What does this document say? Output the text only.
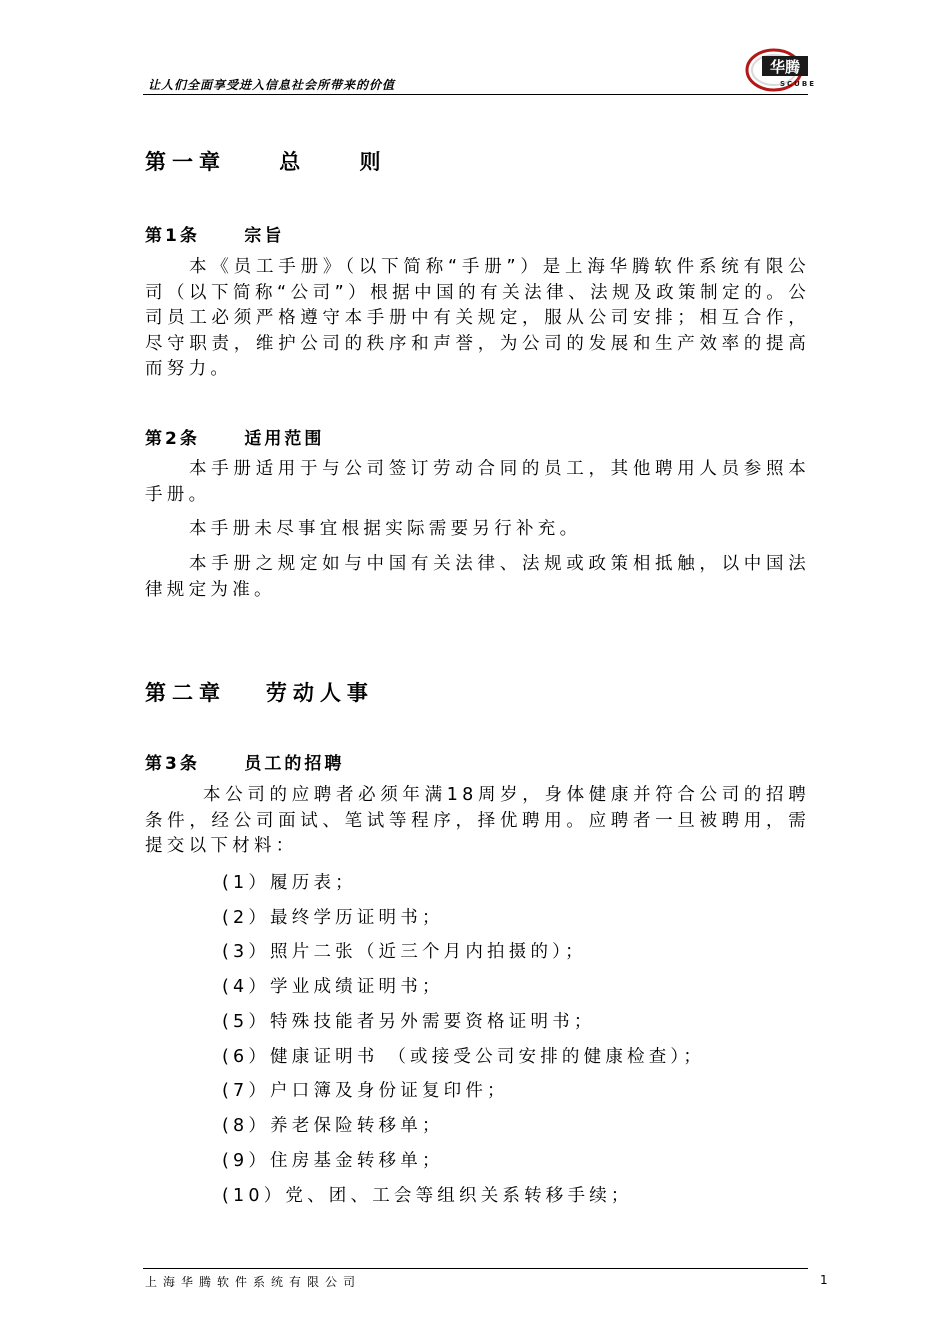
让人们全面享受进入信息社会所带来的价值
华腾
SCUBE
第一章    总    则
第1条     宗旨

本《员工手册》（以下简称“手册”）是上海华腾软件系统有限公司（以下简称“公司”）根据中国的有关法律、法规及政策制定的。公司员工必须严格遵守本手册中有关规定，服从公司安排；相互合作，尽守职责，维护公司的秩序和声誉，为公司的发展和生产效率的提高而努力。

第2条     适用范围

本手册适用于与公司签订劳动合同的员工，其他聘用人员参照本手册。

本手册未尽事宜根据实际需要另行补充。

本手册之规定如与中国有关法律、法规或政策相抵触，以中国法律规定为准。

第二章   劳动人事
第3条     员工的招聘

本公司的应聘者必须年满18周岁，身体健康并符合公司的招聘条件，经公司面试、笔试等程序，择优聘用。应聘者一旦被聘用，需提交以下材料：

(1）履历表；
(2）最终学历证明书；
(3）照片二张（近三个月内拍摄的）；
(4）学业成绩证明书；
(5）特殊技能者另外需要资格证明书；
(6）健康证明书 （或接受公司安排的健康检查）；
(7）户口簿及身份证复印件；
(8）养老保险转移单；
(9）住房基金转移单；
(10）党、团、工会等组织关系转移手续；
上海华腾软件系统有限公司	1
